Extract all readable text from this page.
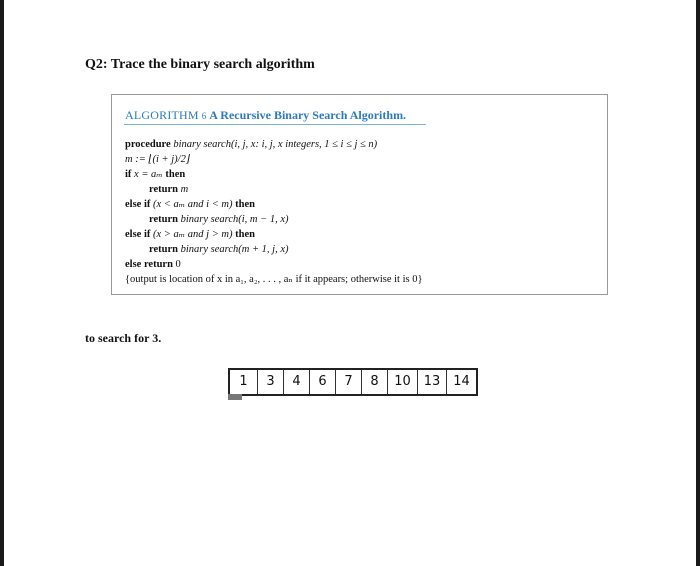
Q2: Trace the binary search algorithm
ALGORITHM 6 A Recursive Binary Search Algorithm.
procedure binary search(i, j, x: i, j, x integers, 1 ≤ i ≤ j ≤ n)
m := ⌊(i + j)/2⌋
if x = aₘ then
return m
else if (x < aₘ and i < m) then
return binary search(i, m − 1, x)
else if (x > aₘ and j > m) then
return binary search(m + 1, j, x)
else return 0
{output is location of x in a₁, a₂, . . . , aₙ if it appears; otherwise it is 0}
to search for 3.
1	3	4	6	7	8	10 13 14
